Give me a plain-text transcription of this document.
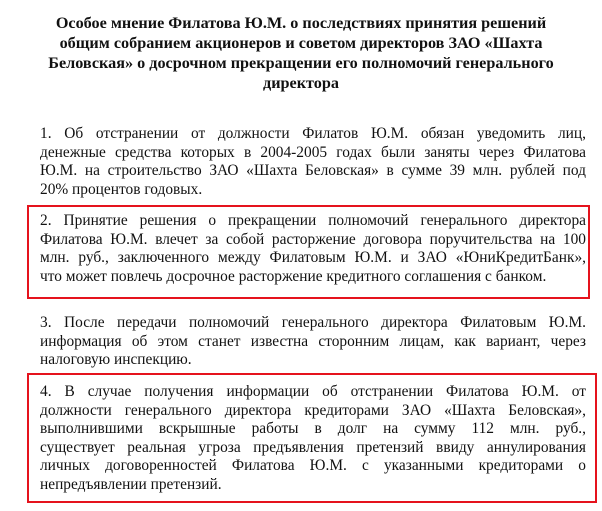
Особое мнение Филатова Ю.М. о последствиях принятия решений
общим собранием акционеров и советом директоров ЗАО «Шахта
Беловская» о досрочном прекращении его полномочий генерального
директора
1. Об отстранении от должности Филатов Ю.М. обязан уведомить лиц,
денежные средства которых в 2004-2005 годах были заняты через Филатова
Ю.М. на строительство ЗАО «Шахта Беловская» в сумме 39 млн. рублей под
20% процентов годовых.
2. Принятие решения о прекращении полномочий генерального директора
Филатова Ю.М. влечет за собой расторжение договора поручительства на 100
млн. руб., заключенного между Филатовым Ю.М. и ЗАО «ЮниКредитБанк»,
что может повлечь досрочное расторжение кредитного соглашения с банком.
3. После передачи полномочий генерального директора Филатовым Ю.М.
информация об этом станет известна сторонним лицам, как вариант, через
налоговую инспекцию.
4. В случае получения информации об отстранении Филатова Ю.М. от
должности генерального директора кредиторами ЗАО «Шахта Беловская»,
выполнившими вскрышные работы в долг на сумму 112 млн. руб.,
существует реальная угроза предъявления претензий ввиду аннулирования
личных договоренностей Филатова Ю.М. с указанными кредиторами о
непредъявлении претензий.
